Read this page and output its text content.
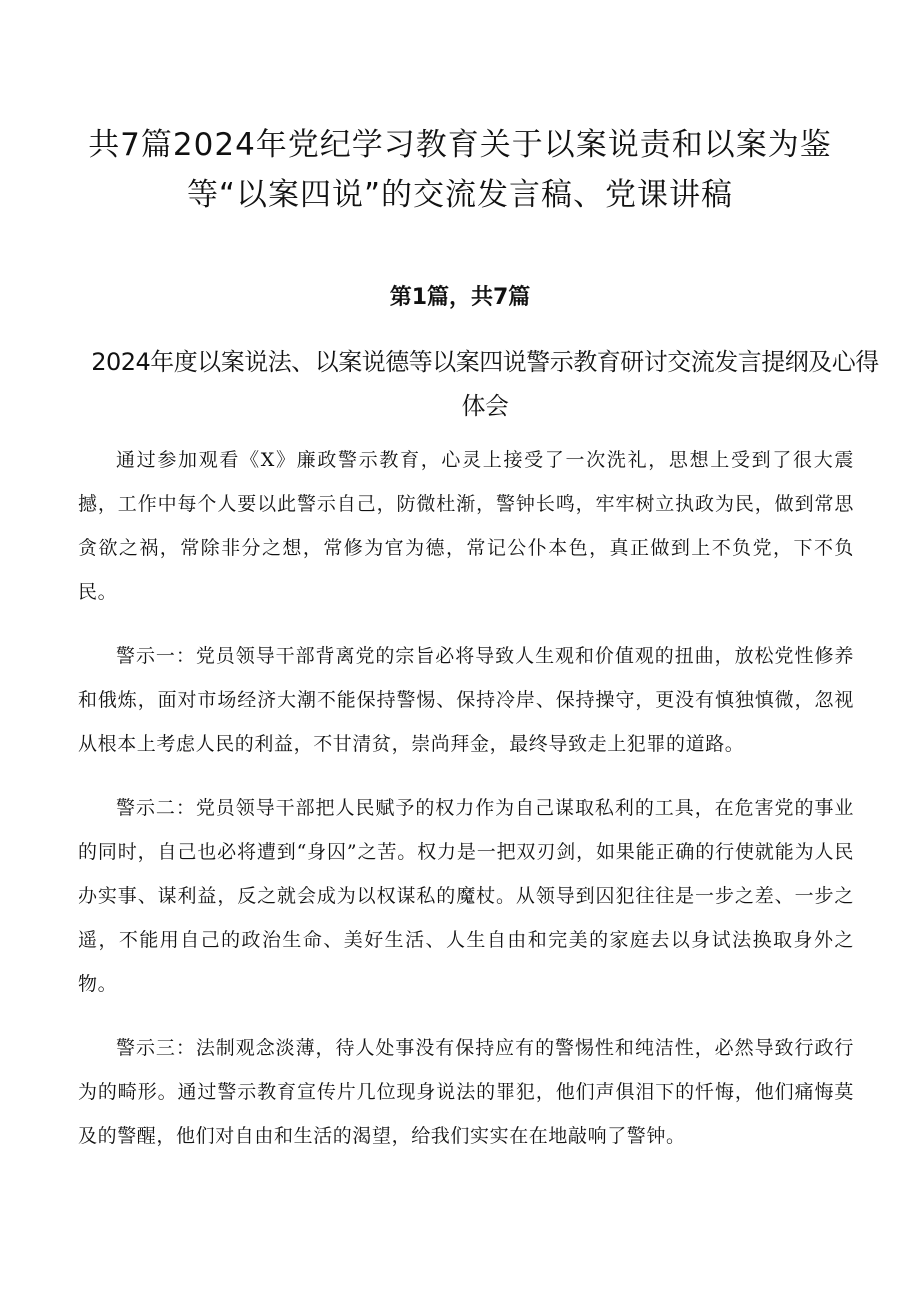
共7篇2024年党纪学习教育关于以案说责和以案为鉴等“以案四说”的交流发言稿、党课讲稿
第1篇，共7篇
2024年度以案说法、以案说德等以案四说警示教育研讨交流发言提纲及心得体会

通过参加观看《X》廉政警示教育，心灵上接受了一次洗礼，思想上受到了很大震撼，工作中每个人要以此警示自己，防微杜渐，警钟长鸣，牢牢树立执政为民，做到常思贪欲之祸，常除非分之想，常修为官为德，常记公仆本色，真正做到上不负党，下不负民。

警示一：党员领导干部背离党的宗旨必将导致人生观和价值观的扭曲，放松党性修养和俄炼，面对市场经济大潮不能保持警惕、保持冷岸、保持操守，更没有慎独慎微，忽视从根本上考虑人民的利益，不甘清贫，崇尚拜金，最终导致走上犯罪的道路。

警示二：党员领导干部把人民赋予的权力作为自己谋取私利的工具，在危害党的事业的同时，自己也必将遭到“身囚”之苦。权力是一把双刃剑，如果能正确的行使就能为人民办实事、谋利益，反之就会成为以权谋私的魔杖。从领导到囚犯往往是一步之差、一步之遥，不能用自己的政治生命、美好生活、人生自由和完美的家庭去以身试法换取身外之物。

警示三：法制观念淡薄，待人处事没有保持应有的警惕性和纯洁性，必然导致行政行为的畸形。通过警示教育宣传片几位现身说法的罪犯，他们声俱泪下的忏悔，他们痛悔莫及的警醒，他们对自由和生活的渴望，给我们实实在在地敲响了警钟。
